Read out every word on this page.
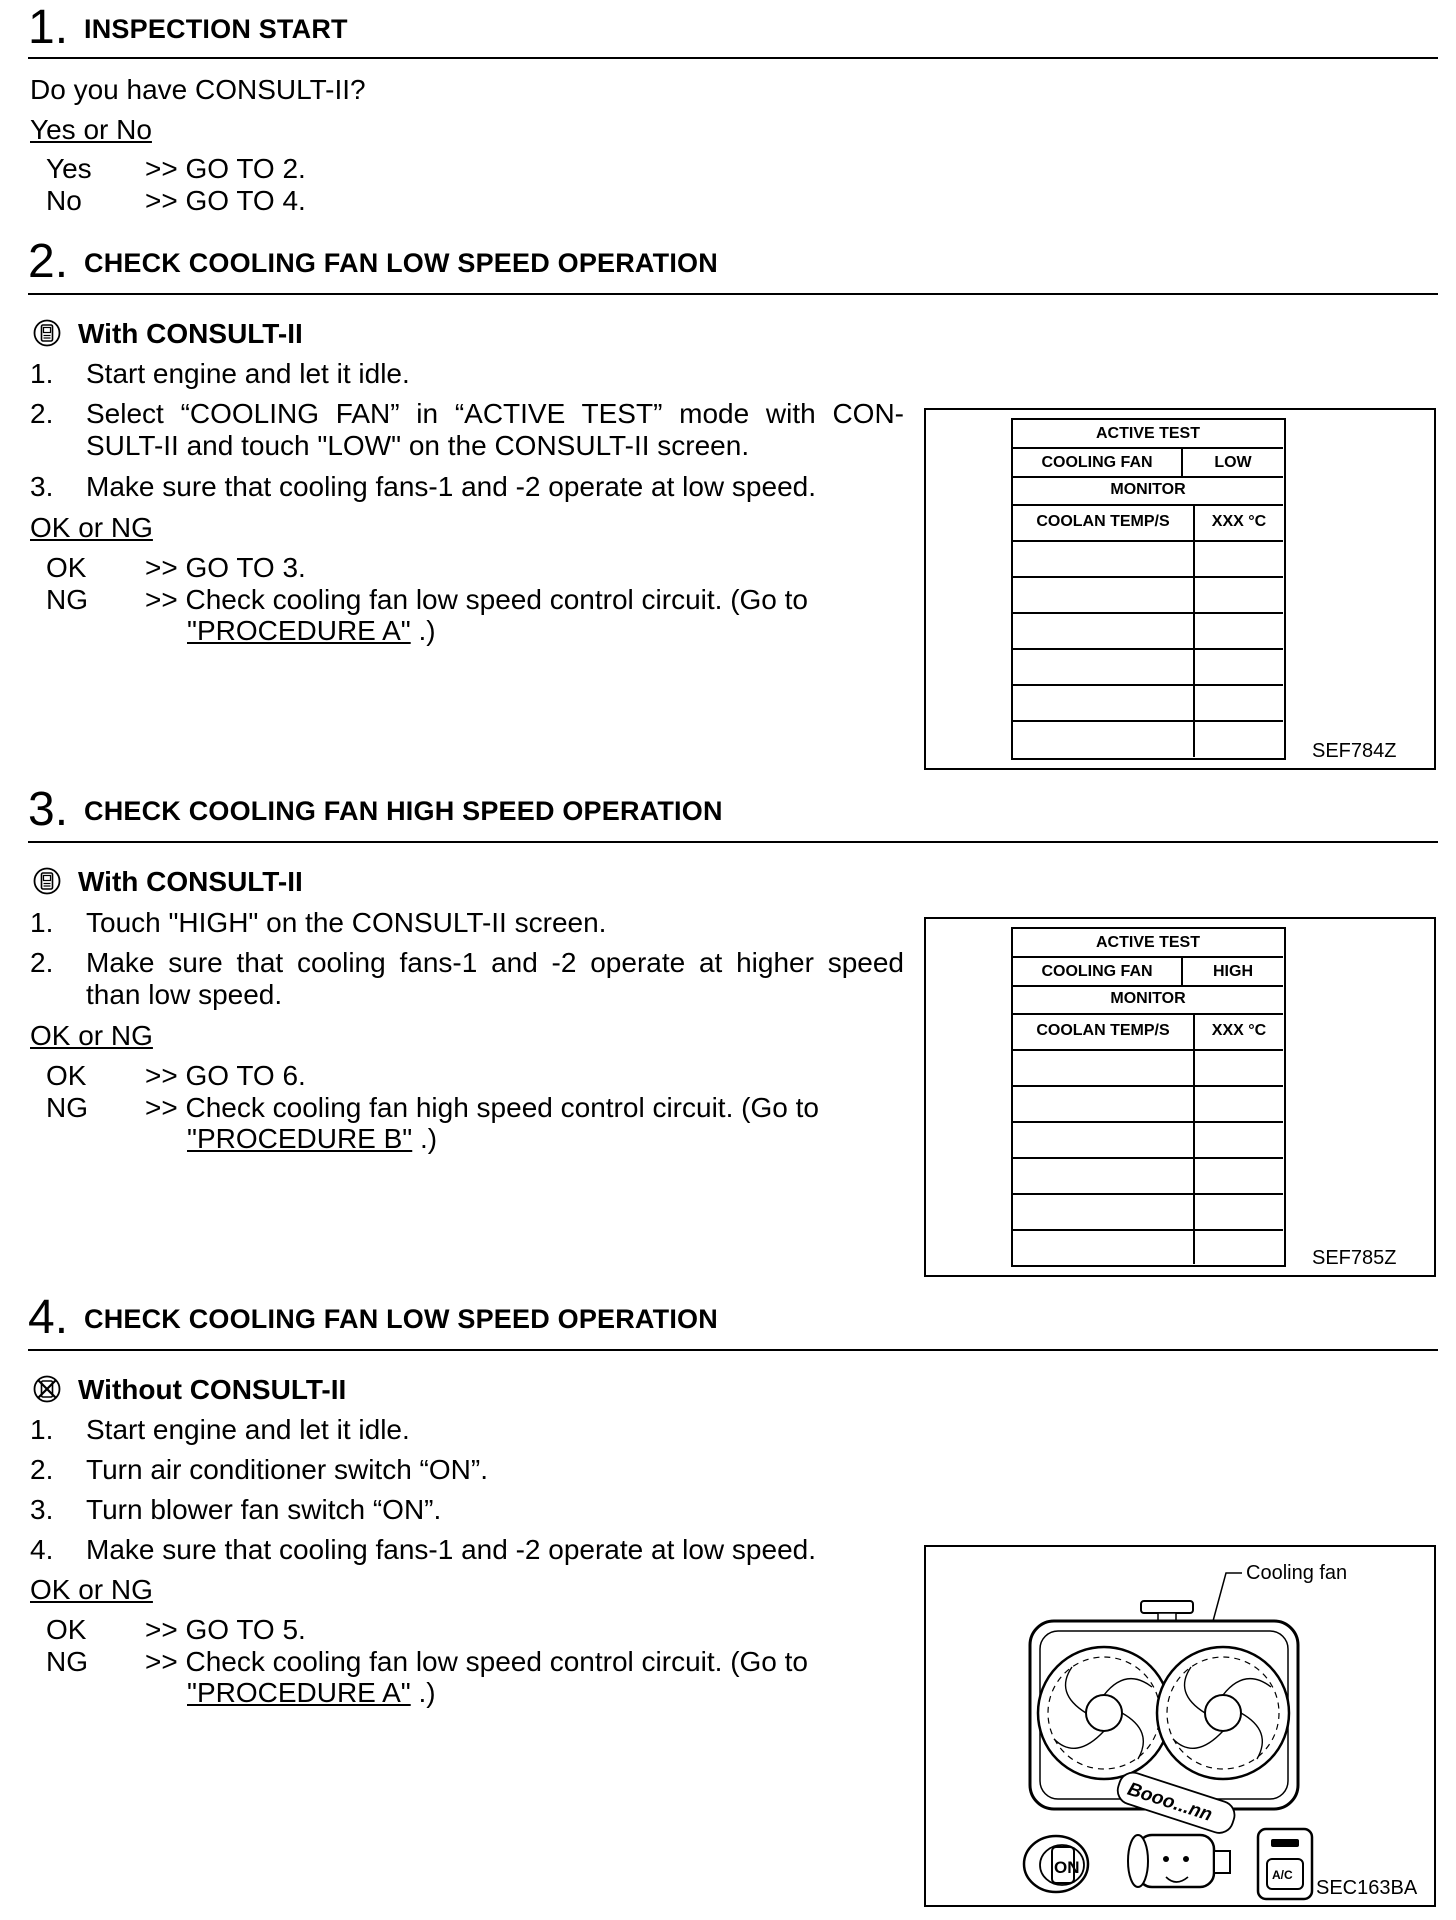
1. INSPECTION START
Do you have CONSULT-II?
Yes or No
Yes >> GO TO 2.
No >> GO TO 4.
2. CHECK COOLING FAN LOW SPEED OPERATION
With CONSULT-II
1. Start engine and let it idle.
2. Select “COOLING FAN” in “ACTIVE TEST” mode with CON-
SULT-II and touch "LOW" on the CONSULT-II screen.
3. Make sure that cooling fans-1 and -2 operate at low speed.
OK or NG
OK >> GO TO 3.
NG >> Check cooling fan low speed control circuit. (Go to
"PROCEDURE A" .)
ACTIVE TEST
COOLING FAN	LOW
MONITOR
COOLAN TEMP/S	XXX °C
SEF784Z
3. CHECK COOLING FAN HIGH SPEED OPERATION
With CONSULT-II
1. Touch "HIGH" on the CONSULT-II screen.
2. Make sure that cooling fans-1 and -2 operate at higher speed
than low speed.
OK or NG
OK >> GO TO 6.
NG >> Check cooling fan high speed control circuit. (Go to
"PROCEDURE B" .)
ACTIVE TEST
COOLING FAN	HIGH
MONITOR
COOLAN TEMP/S	XXX °C
SEF785Z
4. CHECK COOLING FAN LOW SPEED OPERATION
Without CONSULT-II
1. Start engine and let it idle.
2. Turn air conditioner switch “ON”.
3. Turn blower fan switch “ON”.
4. Make sure that cooling fans-1 and -2 operate at low speed.
OK or NG
OK >> GO TO 5.
NG >> Check cooling fan low speed control circuit. (Go to
"PROCEDURE A" .)
Cooling fan
Booo...nn
ON	A/C
SEC163BA
